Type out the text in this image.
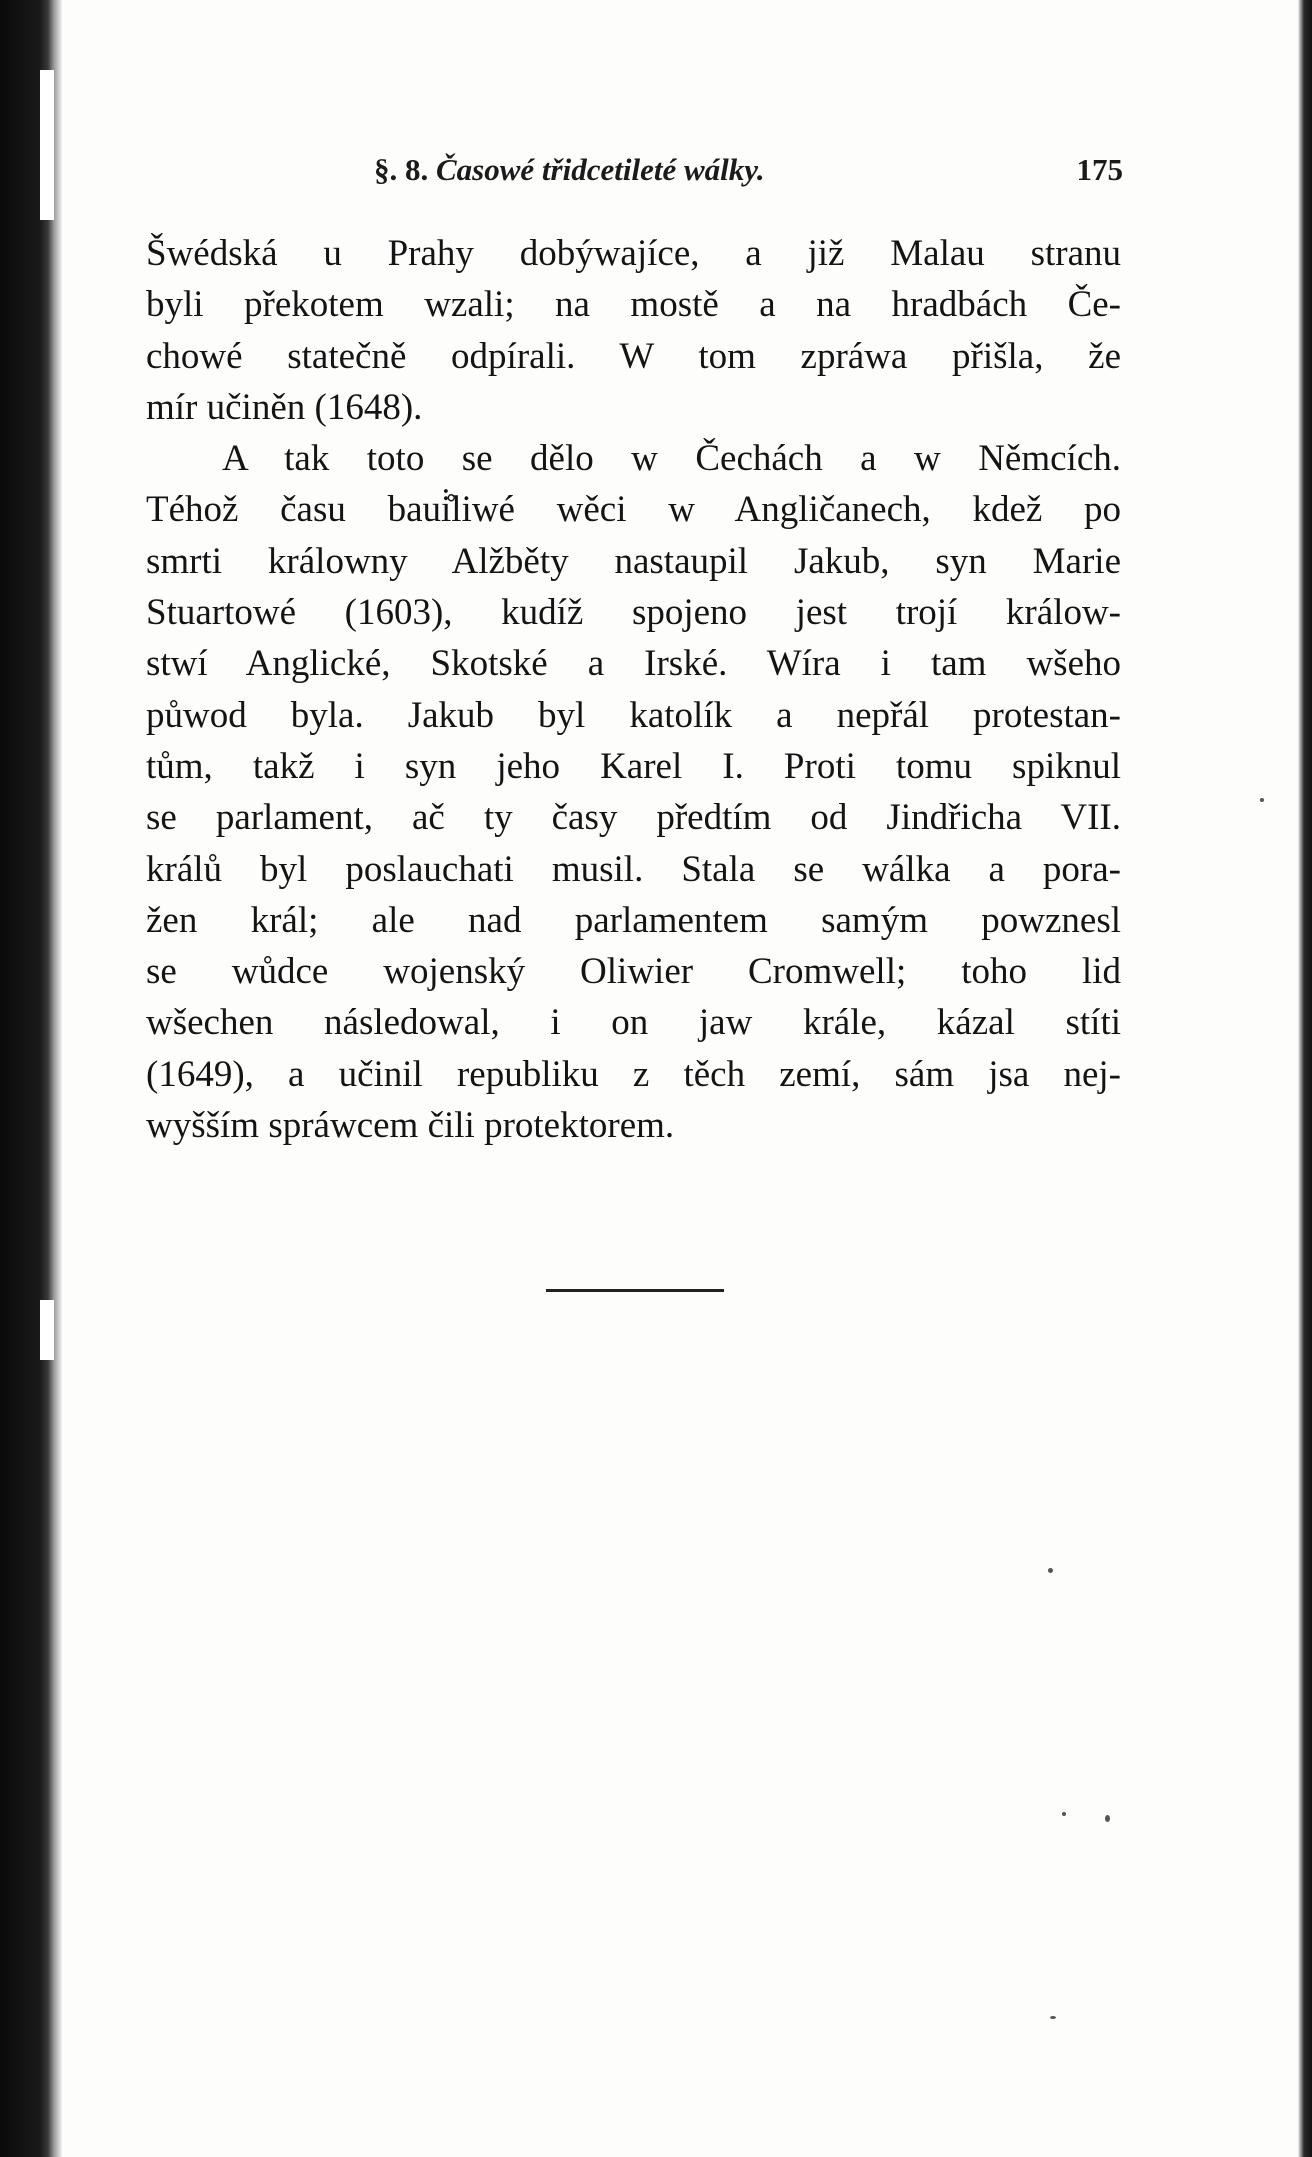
§. 8. Časowé třidcetileté wálky.	175
Šwédská u Prahy dobýwajíce, a již Malau stranu
byli překotem wzali; na mostě a na hradbách Če-
chowé statečně odpírali. W tom zpráwa přišla, že
mír učiněn (1648).
A tak toto se dělo w Čechách a w Němcích.
Téhož času baui̇̊liwé wěci w Angličanech, kdež po
smrti králowny Alžběty nastaupil Jakub, syn Marie
Stuartowé (1603), kudíž spojeno jest trojí králow-
stwí Anglické, Skotské a Irské. Wíra i tam wšeho
půwod byla. Jakub byl katolík a nepřál protestan-
tům, takž i syn jeho Karel I. Proti tomu spiknul
se parlament, ač ty časy předtím od Jindřicha VII.
králů byl poslauchati musil. Stala se wálka a pora-
žen král; ale nad parlamentem samým powznesl
se wůdce wojenský Oliwier Cromwell; toho lid
wšechen následowal, i on jaw krále, kázal stíti
(1649), a učinil republiku z těch zemí, sám jsa nej-
wyšším spráwcem čili protektorem.
